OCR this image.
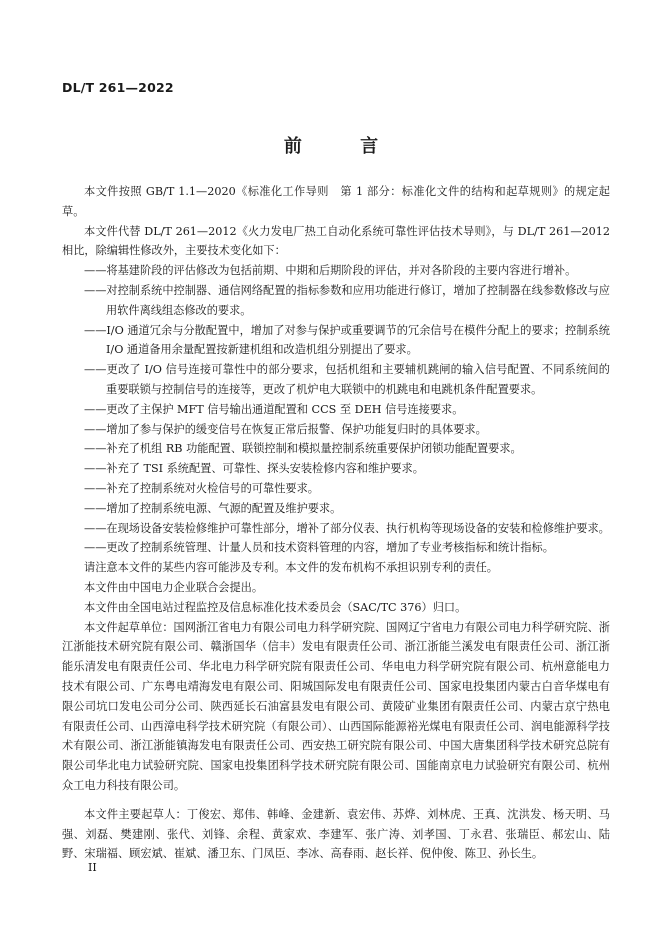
DL/T 261—2022
前 言

本文件按照 GB/T 1.1—2020《标准化工作导则　第 1 部分：标准化文件的结构和起草规则》的规定起草。

本文件代替 DL/T 261—2012《火力发电厂热工自动化系统可靠性评估技术导则》，与 DL/T 261—2012相比，除编辑性修改外，主要技术变化如下：

——将基建阶段的评估修改为包括前期、中期和后期阶段的评估，并对各阶段的主要内容进行增补。

——对控制系统中控制器、通信网络配置的指标参数和应用功能进行修订，增加了控制器在线参数修改与应用软件离线组态修改的要求。

——I/O 通道冗余与分散配置中，增加了对参与保护或重要调节的冗余信号在模件分配上的要求；控制系统 I/O 通道备用余量配置按新建机组和改造机组分别提出了要求。

——更改了 I/O 信号连接可靠性中的部分要求，包括机组和主要辅机跳闸的输入信号配置、不同系统间的重要联锁与控制信号的连接等，更改了机炉电大联锁中的机跳电和电跳机条件配置要求。

——更改了主保护 MFT 信号输出通道配置和 CCS 至 DEH 信号连接要求。

——增加了参与保护的缓变信号在恢复正常后报警、保护功能复归时的具体要求。

——补充了机组 RB 功能配置、联锁控制和模拟量控制系统重要保护闭锁功能配置要求。

——补充了 TSI 系统配置、可靠性、探头安装检修内容和维护要求。

——补充了控制系统对火检信号的可靠性要求。

——增加了控制系统电源、气源的配置及维护要求。

——在现场设备安装检修维护可靠性部分，增补了部分仪表、执行机构等现场设备的安装和检修维护要求。

——更改了控制系统管理、计量人员和技术资料管理的内容，增加了专业考核指标和统计指标。

请注意本文件的某些内容可能涉及专利。本文件的发布机构不承担识别专利的责任。

本文件由中国电力企业联合会提出。

本文件由全国电站过程监控及信息标准化技术委员会（SAC/TC 376）归口。

本文件起草单位：国网浙江省电力有限公司电力科学研究院、国网辽宁省电力有限公司电力科学研究院、浙江浙能技术研究院有限公司、赣浙国华（信丰）发电有限责任公司、浙江浙能兰溪发电有限责任公司、浙江浙能乐清发电有限责任公司、华北电力科学研究院有限责任公司、华电电力科学研究院有限公司、杭州意能电力技术有限公司、广东粤电靖海发电有限公司、阳城国际发电有限责任公司、国家电投集团内蒙古白音华煤电有限公司坑口发电公司分公司、陕西延长石油富县发电有限公司、黄陵矿业集团有限责任公司、内蒙古京宁热电有限责任公司、山西漳电科学技术研究院（有限公司）、山西国际能源裕光煤电有限责任公司、润电能源科学技术有限公司、浙江浙能镇海发电有限责任公司、西安热工研究院有限公司、中国大唐集团科学技术研究总院有限公司华北电力试验研究院、国家电投集团科学技术研究院有限公司、国能南京电力试验研究有限公司、杭州众工电力科技有限公司。

本文件主要起草人：丁俊宏、郑伟、韩峰、金建新、袁宏伟、苏烨、刘林虎、王真、沈洪发、杨天明、马强、刘磊、樊建刚、张代、刘锋、余程、黄家欢、李建军、张广涛、刘孝国、丁永君、张瑞臣、郝宏山、陆野、宋瑞福、顾宏斌、崔斌、潘卫东、门凤臣、李冰、高春雨、赵长祥、倪仲俊、陈卫、孙长生。

II
